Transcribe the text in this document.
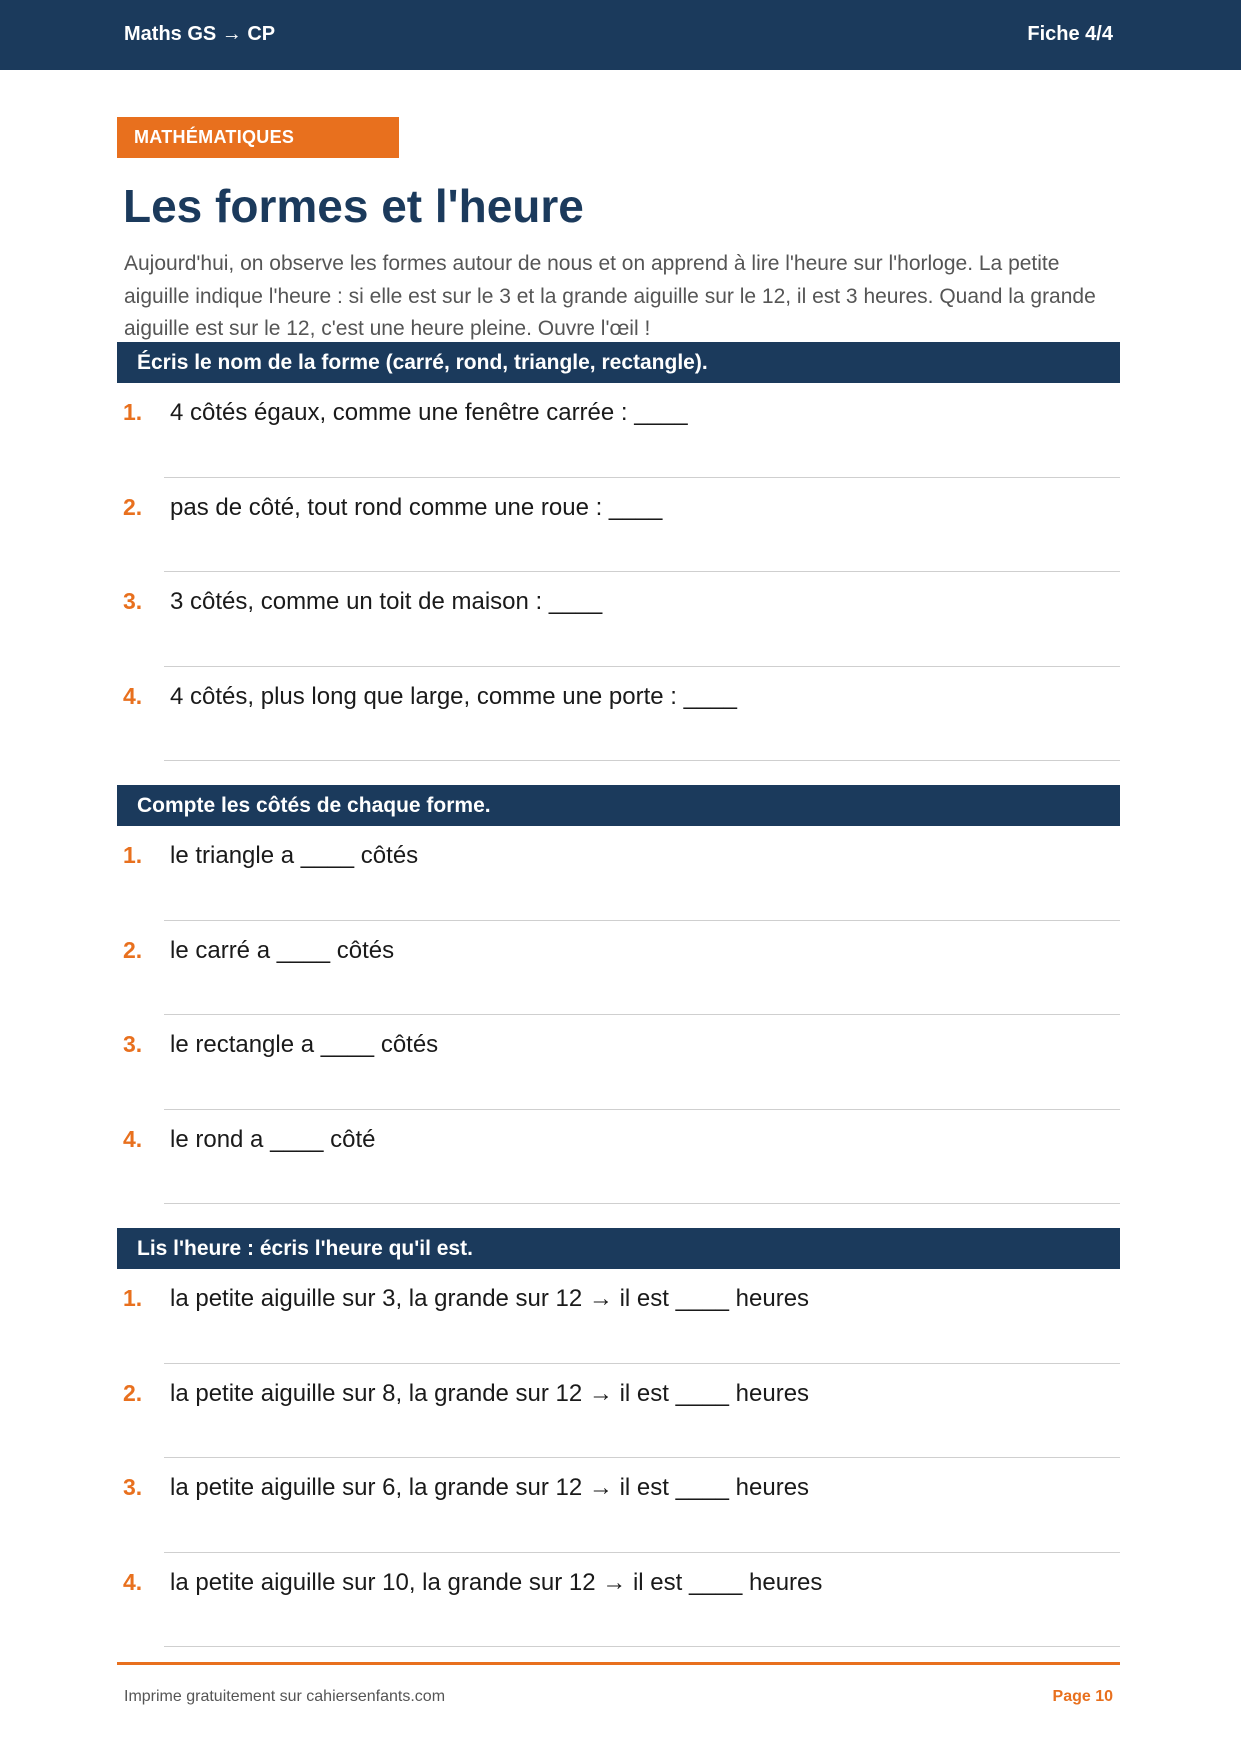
Maths GS → CP	Fiche 4/4
MATHÉMATIQUES
Les formes et l'heure

Aujourd'hui, on observe les formes autour de nous et on apprend à lire l'heure sur l'horloge. La petite aiguille indique l'heure : si elle est sur le 3 et la grande aiguille sur le 12, il est 3 heures. Quand la grande aiguille est sur le 12, c'est une heure pleine. Ouvre l'œil !

Écris le nom de la forme (carré, rond, triangle, rectangle).
1. 4 côtés égaux, comme une fenêtre carrée : ____
2. pas de côté, tout rond comme une roue : ____
3. 3 côtés, comme un toit de maison : ____
4. 4 côtés, plus long que large, comme une porte : ____
Compte les côtés de chaque forme.
1. le triangle a ____ côtés
2. le carré a ____ côtés
3. le rectangle a ____ côtés
4. le rond a ____ côté
Lis l'heure : écris l'heure qu'il est.
1. la petite aiguille sur 3, la grande sur 12 → il est ____ heures
2. la petite aiguille sur 8, la grande sur 12 → il est ____ heures
3. la petite aiguille sur 6, la grande sur 12 → il est ____ heures
4. la petite aiguille sur 10, la grande sur 12 → il est ____ heures
Imprime gratuitement sur cahiersenfants.com	Page 10
